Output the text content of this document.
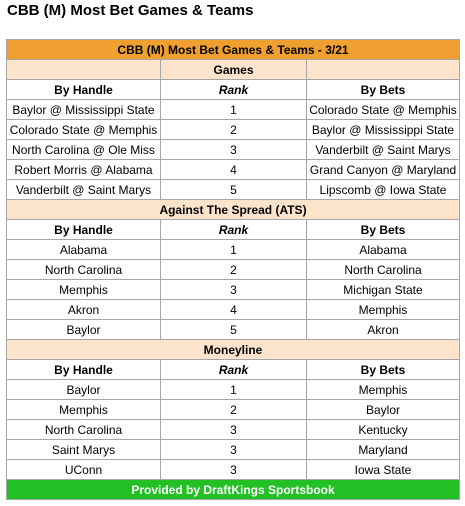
CBB (M) Most Bet Games & Teams
CBB (M) Most Bet Games & Teams - 3/21		
	Games	
By Handle	Rank	By Bets
Baylor @ Mississippi State	1	Colorado State @ Memphis
Colorado State @ Memphis	2	Baylor @ Mississippi State
North Carolina @ Ole Miss	3	Vanderbilt @ Saint Marys
Robert Morris @ Alabama	4	Grand Canyon @ Maryland
Vanderbilt @ Saint Marys	5	Lipscomb @ Iowa State
Against The Spread (ATS)		
By Handle	Rank	By Bets
Alabama	1	Alabama
North Carolina	2	North Carolina
Memphis	3	Michigan State
Akron	4	Memphis
Baylor	5	Akron
Moneyline		
By Handle	Rank	By Bets
Baylor	1	Memphis
Memphis	2	Baylor
North Carolina	3	Kentucky
Saint Marys	3	Maryland
UConn	3	Iowa State
Provided by DraftKings Sportsbook		
